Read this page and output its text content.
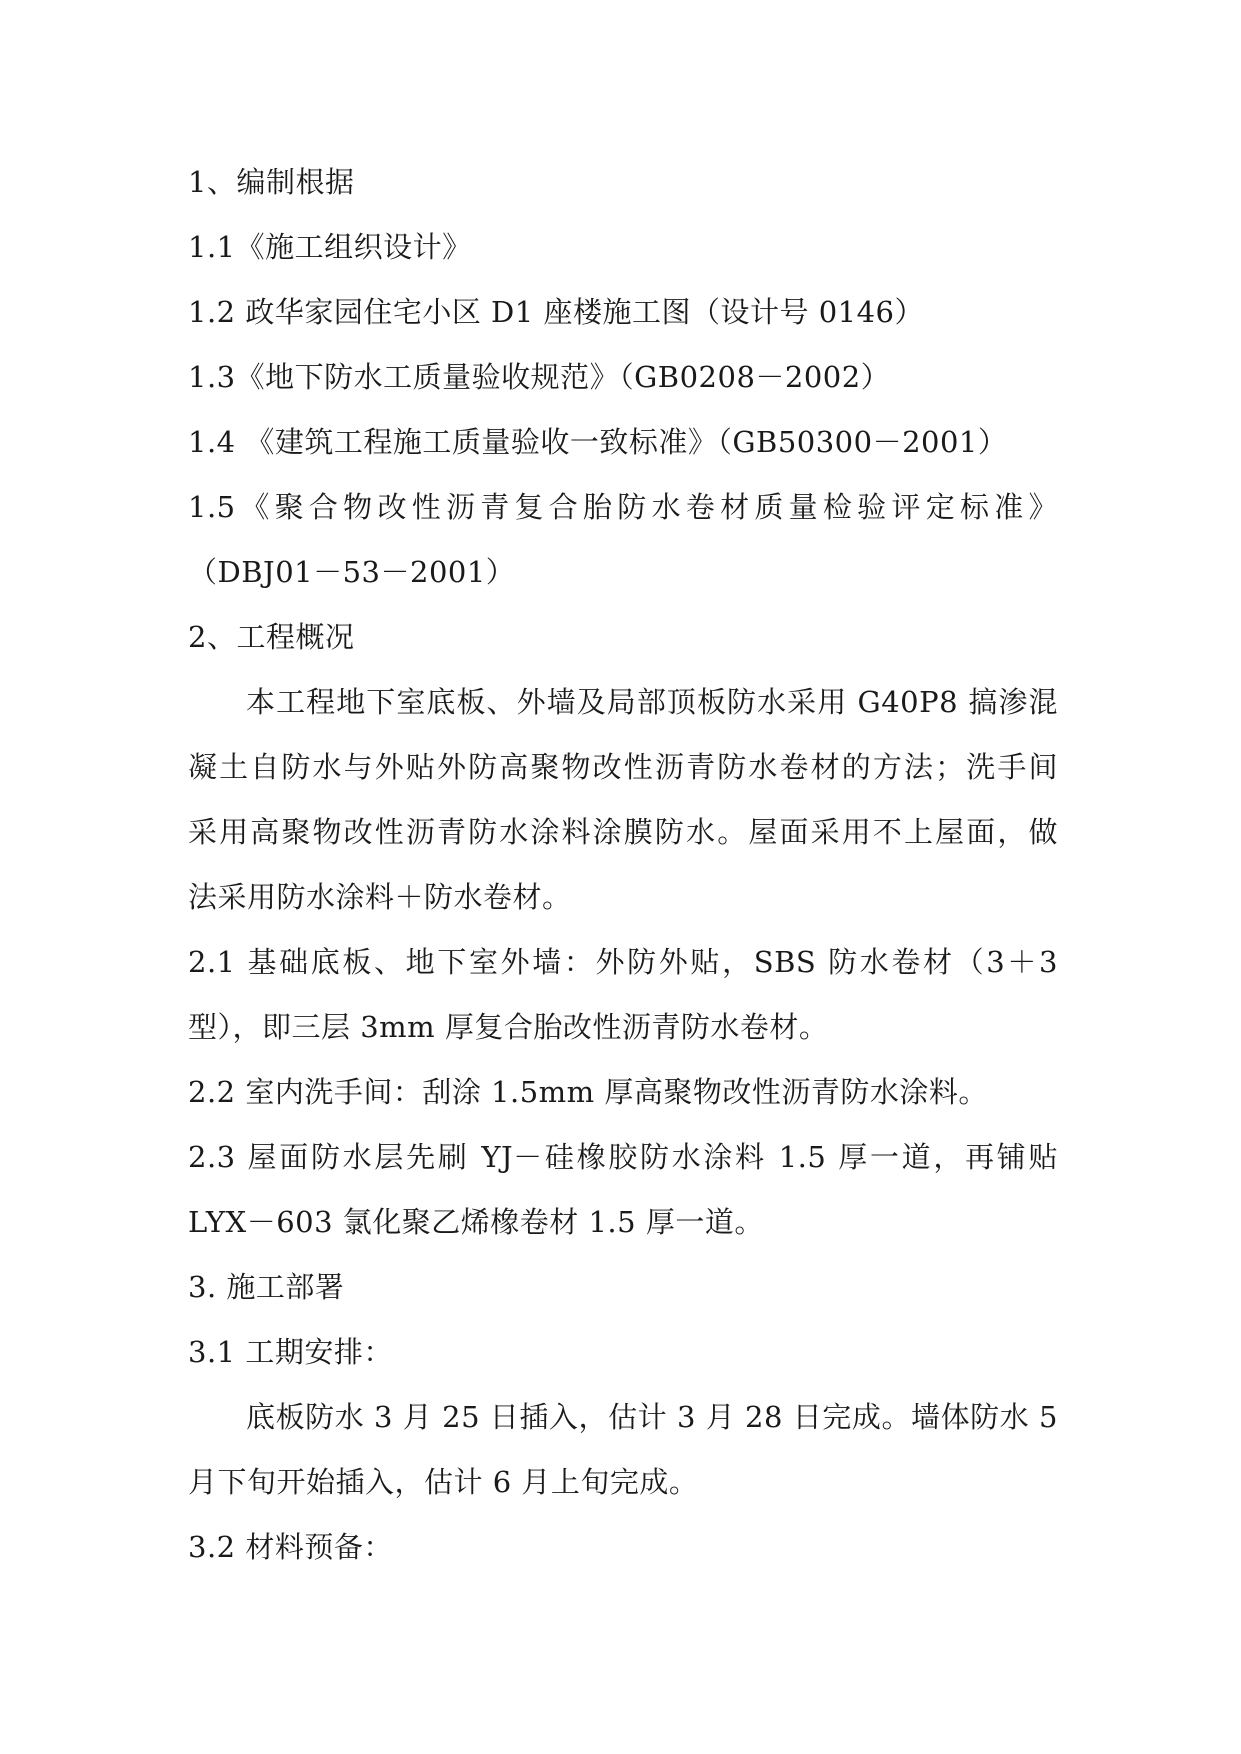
1、编制根据
1.1《施工组织设计》
1.2 政华家园住宅小区 D1 座楼施工图（设计号 0146）
1.3《地下防水工质量验收规范》（GB0208－2002）
1.4 《建筑工程施工质量验收一致标准》（GB50300－2001）
1.5《聚合物改性沥青复合胎防水卷材质量检验评定标准》
（DBJ01－53－2001）
2、工程概况
本工程地下室底板、外墙及局部顶板防水采用 G40P8 搞渗混
凝土自防水与外贴外防高聚物改性沥青防水卷材的方法；洗手间
采用高聚物改性沥青防水涂料涂膜防水。屋面采用不上屋面，做
法采用防水涂料＋防水卷材。
2.1 基础底板、地下室外墙：外防外贴，SBS 防水卷材（3＋3
型），即三层 3mm 厚复合胎改性沥青防水卷材。
2.2 室内洗手间：刮涂 1.5mm 厚高聚物改性沥青防水涂料。
2.3 屋面防水层先刷 YJ－硅橡胶防水涂料 1.5 厚一道，再铺贴
LYX－603 氯化聚乙烯橡卷材 1.5 厚一道。
3. 施工部署
3.1 工期安排：
底板防水 3 月 25 日插入，估计 3 月 28 日完成。墙体防水 5
月下旬开始插入，估计 6 月上旬完成。
3.2 材料预备：
